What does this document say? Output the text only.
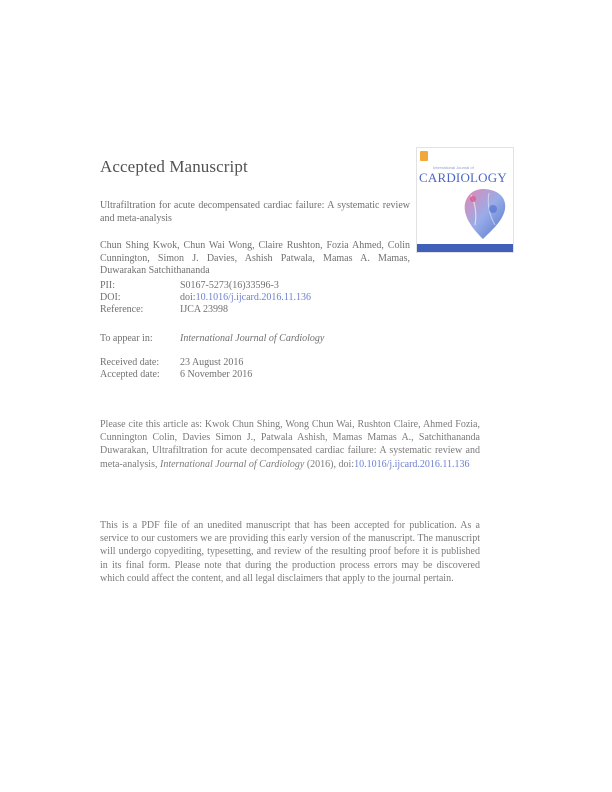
Accepted Manuscript	International Journal of
CARDIOLOGY
Ultrafiltration for acute decompensated cardiac failure: A systematic review and meta-analysis
Chun Shing Kwok, Chun Wai Wong, Claire Rushton, Fozia Ahmed, Colin Cunnington, Simon J. Davies, Ashish Patwala, Mamas A. Mamas, Duwarakan Satchithananda
PII:	S0167-5273(16)33596-3
DOI:	doi:10.1016/j.ijcard.2016.11.136
Reference:	IJCA 23998
To appear in:	International Journal of Cardiology
Received date: 23 August 2016
Accepted date: 6 November 2016
Please cite this article as: Kwok Chun Shing, Wong Chun Wai, Rushton Claire, Ahmed Fozia, Cunnington Colin, Davies Simon J., Patwala Ashish, Mamas Mamas A., Satchithananda Duwarakan, Ultrafiltration for acute decompensated cardiac failure: A systematic review and meta-analysis, International Journal of Cardiology (2016), doi:10.1016/j.ijcard.2016.11.136
This is a PDF file of an unedited manuscript that has been accepted for publication. As a service to our customers we are providing this early version of the manuscript. The manuscript will undergo copyediting, typesetting, and review of the resulting proof before it is published in its final form. Please note that during the production process errors may be discovered which could affect the content, and all legal disclaimers that apply to the journal pertain.
